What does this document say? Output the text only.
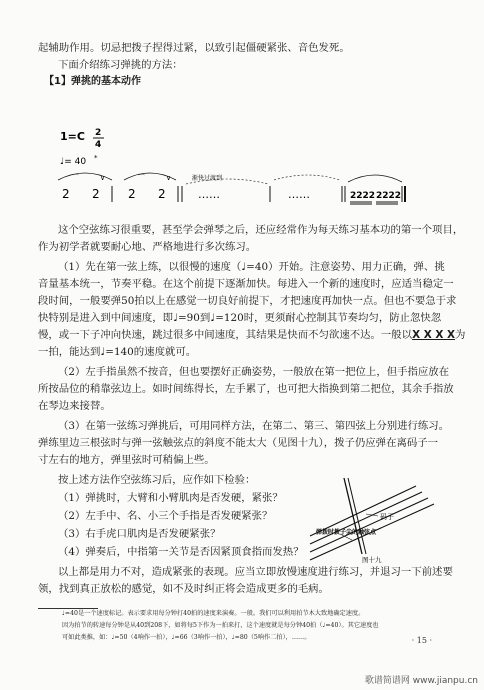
起辅助作用。切忌把拨子捏得过紧，以致引起僵硬紧张、音色发死。
下面介绍练习弹挑的方法：
【1】弹挑的基本动作
1=C 2
4
♩= 40 *
渐快过渡到
2 2 2 2	……	……	2222 2222
⌒	∨	⌒	∨
这个空弦练习很重要，甚至学会弹琴之后，还应经常作为每天练习基本功的第一个项目，
作为初学者就要耐心地、严格地进行多次练习。
（1）先在第一弦上练，以很慢的速度（♩=40）开始。注意姿势、用力正确，弹、挑
音量基本统一，节奏平稳。在这个前提下逐渐加快。每进入一个新的速度时，应适当稳定一
段时间，一般要弹50拍以上在感觉一切良好前提下，才把速度再加快一点。但也不要急于求
快特别是进入到中间速度，即♩=90到♩=120时，更须耐心控制其节奏均匀，防止忽快忽
慢，或一下子冲向快速，跳过很多中间速度，其结果是快而不匀欲速不达。一般以X X X X为
一拍，能达到♩=140的速度就可。
（2）左手指虽然不按音，但也要摆好正确姿势，一般放在第一把位上，但手指应放在
所按品位的稍靠弦边上。如时间练得长，左手累了，也可把大指换到第二把位，其余手指放
在琴边来接替。
（3）在第一弦练习弹挑后，可用同样方法，在第二、第三、第四弦上分别进行练习。
弹练里边三根弦时与弹一弦触弦点的斜度不能太大（见图十九），拨子仍应弹在离码子一
寸左右的地方，弹里弦时可稍偏上些。
按上述方法作空弦练习后，应作如下检验：
（1）弹挑时，大臂和小臂肌肉是否发硬，紧张？
（2）左手中、名、小三个手指是否发硬紧张？
（3）右手虎口肌肉是否发硬紧张？
（4）弹奏后，中指第一关节是否因紧顶食指而发热？
以上都是用力不对，造成紧张的表现。应当立即放慢速度进行练习，并退习一下前述要
领，找到真正放松的感觉，如不及时纠正将会造成更多的毛病。
码子
弹拨时拨子尖的触弦点
图十九
♩=40是一个速度标记。表示要求用每分钟打40拍的速度来演奏。一般。我们可以利用拍节木大致地确定速度。
因为拍节的转速每分钟是从40到208下，如将每5下作为一拍来打，这个速度就是每分钟40拍（♩=40）。其它速度也
可如此类推，如：♩=50（4响作一拍），♩=66（3响作一拍），♩=80（5响作二拍），……。	· 15 ·
歌谱简谱网 www.jianpu.cn
